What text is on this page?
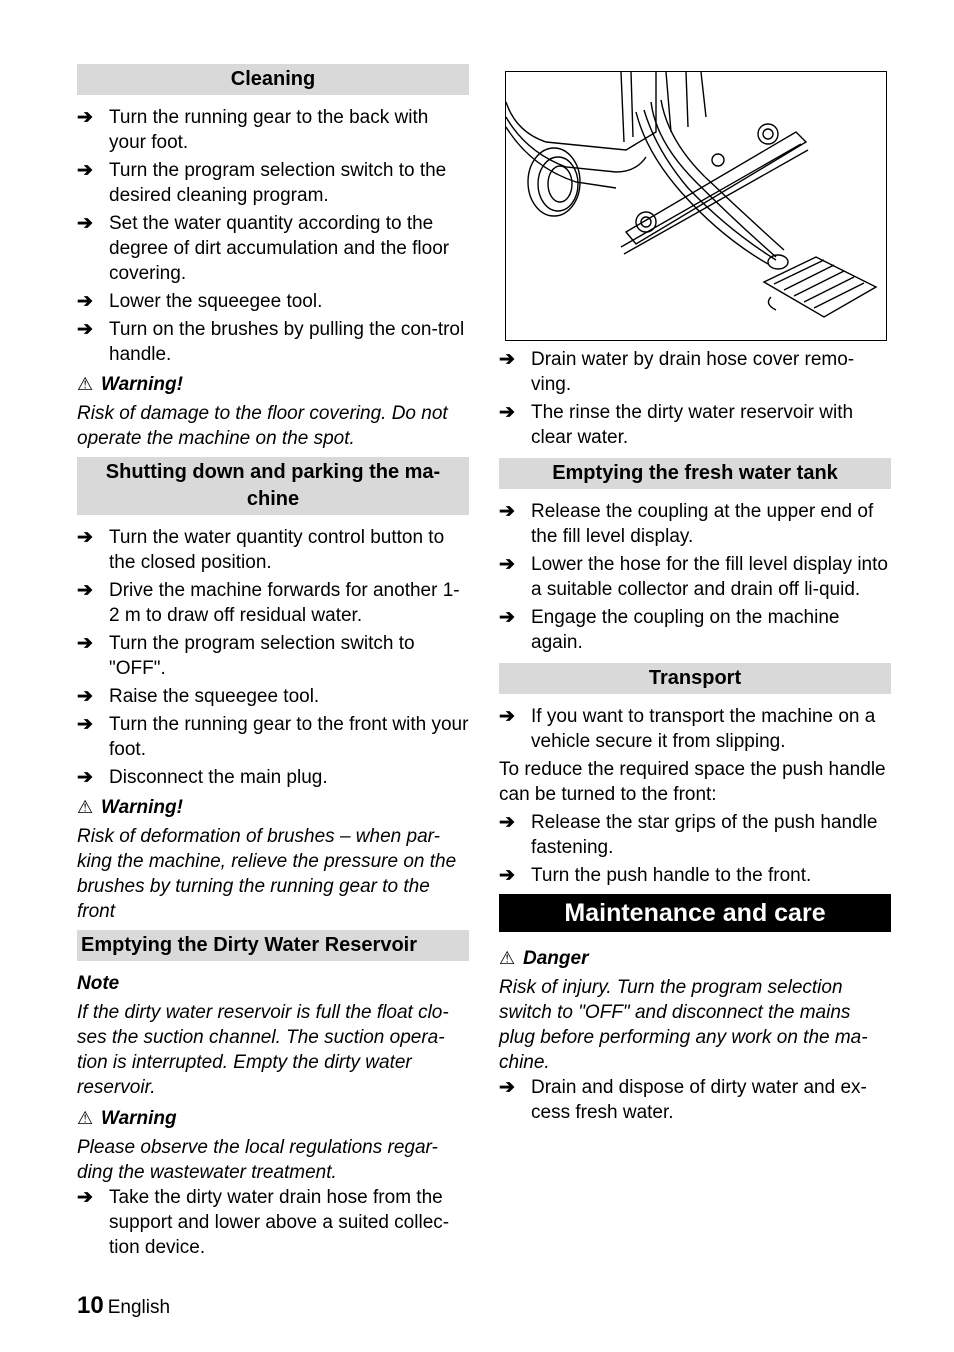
Cleaning
➔ Turn the running gear to the back with your foot.
➔ Turn the program selection switch to the desired cleaning program.
➔ Set the water quantity according to the degree of dirt accumulation and the floor covering.
➔ Lower the squeegee tool.
➔ Turn on the brushes by pulling the con-trol handle.
⚠ Warning!
Risk of damage to the floor covering. Do not operate the machine on the spot.
Shutting down and parking the ma-chine
➔ Turn the water quantity control button to the closed position.
➔ Drive the machine forwards for another 1-2 m to draw off residual water.
➔ Turn the program selection switch to "OFF".
➔ Raise the squeegee tool.
➔ Turn the running gear to the front with your foot.
➔ Disconnect the main plug.
⚠ Warning!
Risk of deformation of brushes – when par-king the machine, relieve the pressure on the brushes by turning the running gear to the front
Emptying the Dirty Water Reservoir
Note
If the dirty water reservoir is full the float clo-ses the suction channel. The suction opera-tion is interrupted. Empty the dirty water reservoir.
⚠ Warning
Please observe the local regulations regar-ding the wastewater treatment.
➔ Take the dirty water drain hose from the support and lower above a suited collec-tion device.
➔ Drain water by drain hose cover remo-ving.
➔ The rinse the dirty water reservoir with clear water.
Emptying the fresh water tank
➔ Release the coupling at the upper end of the fill level display.
➔ Lower the hose for the fill level display into a suitable collector and drain off li-quid.
➔ Engage the coupling on the machine again.
Transport
➔ If you want to transport the machine on a vehicle secure it from slipping.
To reduce the required space the push handle can be turned to the front:
➔ Release the star grips of the push handle fastening.
➔ Turn the push handle to the front.
Maintenance and care
⚠ Danger
Risk of injury. Turn the program selection switch to "OFF" and disconnect the mains plug before performing any work on the ma-chine.
➔ Drain and dispose of dirty water and ex-cess fresh water.
10 English
